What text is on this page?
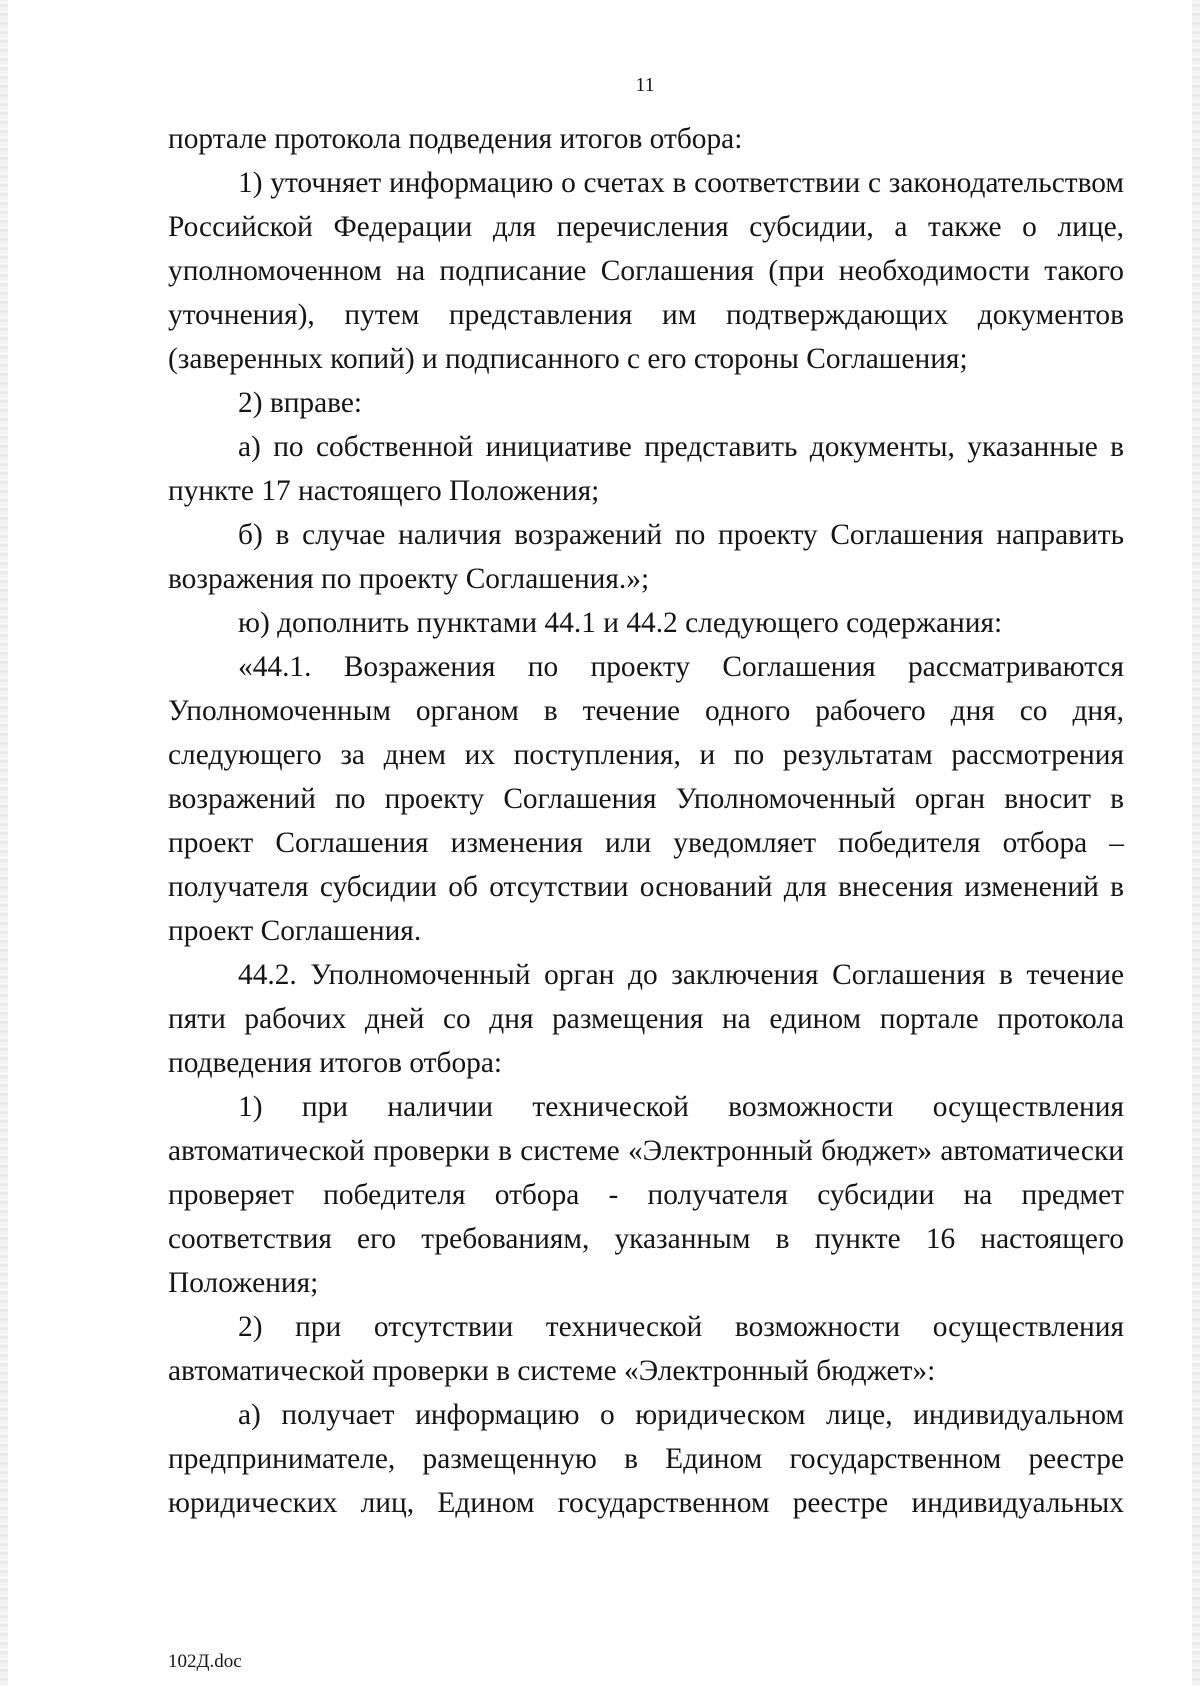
11

портале протокола подведения итогов отбора:

1) уточняет информацию о счетах в соответствии с законодательством Российской Федерации для перечисления субсидии, а также о лице, уполномоченном на подписание Соглашения (при необходимости такого уточнения), путем представления им подтверждающих документов (заверенных копий) и подписанного с его стороны Соглашения;

2) вправе:

а) по собственной инициативе представить документы, указанные в пункте 17 настоящего Положения;

б) в случае наличия возражений по проекту Соглашения направить возражения по проекту Соглашения.»;

ю) дополнить пунктами 44.1 и 44.2 следующего содержания:

«44.1. Возражения по проекту Соглашения рассматриваются Уполномоченным органом в течение одного рабочего дня со дня, следующего за днем их поступления, и по результатам рассмотрения возражений по проекту Соглашения Уполномоченный орган вносит в проект Соглашения изменения или уведомляет победителя отбора – получателя субсидии об отсутствии оснований для внесения изменений в проект Соглашения.

44.2. Уполномоченный орган до заключения Соглашения в течение пяти рабочих дней со дня размещения на едином портале протокола подведения итогов отбора:

1) при наличии технической возможности осуществления автоматической проверки в системе «Электронный бюджет» автоматически проверяет победителя отбора - получателя субсидии на предмет соответствия его требованиям, указанным в пункте 16 настоящего Положения;

2) при отсутствии технической возможности осуществления автоматической проверки в системе «Электронный бюджет»:

а) получает информацию о юридическом лице, индивидуальном предпринимателе, размещенную в Едином государственном реестре юридических лиц, Едином государственном реестре индивидуальных

102Д.doc
